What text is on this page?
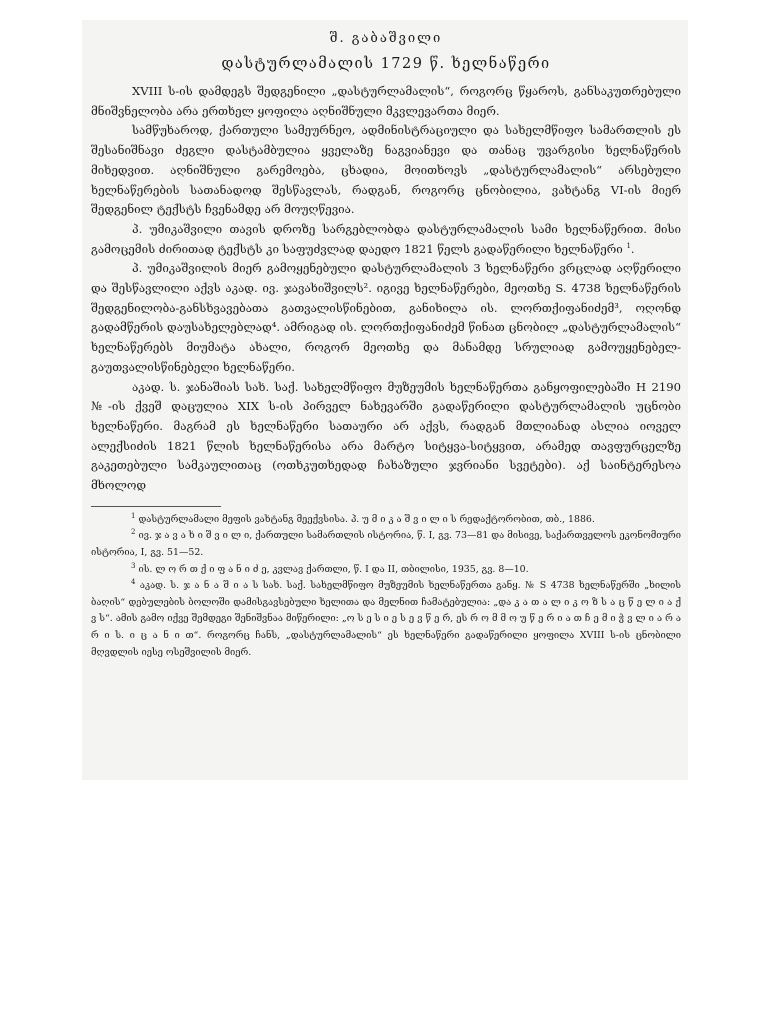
შ. გაბაშვილი
დასტურლამალის 1729 წ. ხელნაწერი

XVIII ს-ის დამდეგს შედგენილი „დასტურლამალის“, როგორც წყაროს, განსაკუთრებული მნიშვნელობა არა ერთხელ ყოფილა აღნიშნული მკვლევართა მიერ.

სამწუხაროდ, ქართული სამეურნეო, ადმინისტრაციული და სახელმწიფო სამართლის ეს შესანიშნავი ძეგლი დასტამბულია ყველაზე ნაგვიანევი და თანაც უვარგისი ხელნაწერის მიხედვით. აღნიშნული გარემოება, ცხადია, მოითხოვს „დასტურლამალის“ არსებული ხელნაწერების სათანადოდ შესწავლას, რადგან, როგორც ცნობილია, ვახტანგ VI-ის მიერ შედგენილ ტექსტს ჩვენამდე არ მოუღწევია.

პ. უმიკაშვილი თავის დროზე სარგებლობდა დასტურლამალის სამი ხელნაწერით. მისი გამოცემის ძირითად ტექსტს კი საფუძვლად დაედო 1821 წელს გადაწერილი ხელნაწერი $^1$.

პ. უმიკაშვილის მიერ გამოყენებული დასტურლამალის 3 ხელნაწერი ვრცლად აღწერილი და შესწავლილი აქვს აკად. ივ. ჯავახიშვილს². იგივე ხელნაწერები, მეოთხე S. 4738 ხელნაწერის შედგენილობა-განსხვავებათა გათვალისწინებით, განიხილა ის. ლორთქიფანიძემ³, ოღონდ გადამწერის დაუსახელებლად⁴. ამრიგად ის. ლორთქიფანიძემ წინათ ცნობილ „დასტურლამალის“ ხელნაწერებს მიუმატა ახალი, როგორ მეოთხე და მანამდე სრულიად გამოუყენებელ-გაუთვალისწინებელი ხელნაწერი.

აკად. ს. ჯანაშიას სახ. საქ. სახელმწიფო მუზეუმის ხელნაწერთა განყოფილებაში H 2190 №-ის ქვეშ დაცულია XIX ს-ის პირველ ნახევარში გადაწერილი დასტურლამალის უცნობი ხელნაწერი. მაგრამ ეს ხელნაწერი სათაური არ აქვს, რადგან მთლიანად ასლია იოველ ალექსიძის 1821 წლის ხელნაწერისა არა მარტო სიტყვა-სიტყვით, არამედ თავფურცელზე გაკეთებული სამკაულითაც (ოთხკუთხედად ჩახაზული ჯვრიანი სვეტები). აქ საინტერესოა მხოლოდ

$^1$ დასტურლამალი მეფის ვახტანგ მეექვსისა. პ. უ მ ი კ ა შ ვ ი ლ ი ს რედაქტორობით, თბ., 1886.

$^2$ ივ. ჯ ა ვ ა ხ ი შ ვ ი ლ ი, ქართული სამართლის ისტორია, წ. I, გვ. 73—81 და მისივე, საქართველოს ეკონომიური ისტორია, I, გვ. 51—52.

$^3$ ის. ლ ო რ თ ქ ი ფ ა ნ ი ძ ე, კვლავ ქართლი, წ. I და II, თბილისი, 1935, გვ. 8—10.

$^4$ აკად. ს. ჯ ა ნ ა შ ი ა ს სახ. საქ. სახელმწიფო მუზეუმის ხელნაწერთა განყ. № S 4738 ხელნაწერში „ხილის ბაღის“ დებულების ბოლოში დამისგავსებული ხელითა და მელნით ჩამატებულია: „და კ ა თ ა ლ ი კ ო ზ ს ა ც წ ე ლ ი ა ქ ვ ს“. ამის გამო იქვე შემდეგი შენიშვნაა მიწერილი: „ო ს ე ს ი ე ს ე ვ წ ე რ, ეს რ ო მ მ ო უ წ ე რ ი ა თ ჩ ე მ ი ჭ ვ ლ ი ა რ ა რ ი ს. ი ც ა ნ ი თ“. როგორც ჩანს, „დასტურლამალის“ ეს ხელნაწერი გადაწერილი ყოფილა XVIII ს-ის ცნობილი მღვდლის იესე ოსეშვილის მიერ.
